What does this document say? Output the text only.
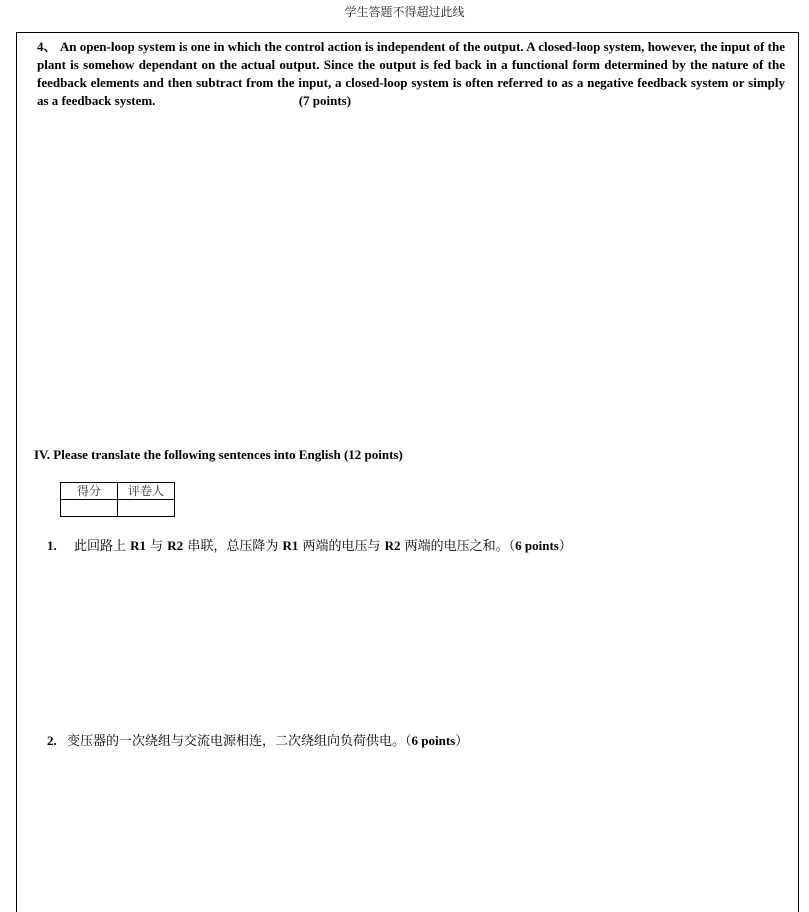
学生答题不得超过此线
4、 An open-loop system is one in which the control action is independent of the output. A closed-loop system, however, the input of the plant is somehow dependant on the actual output. Since the output is fed back in a functional form determined by the nature of the feedback elements and then subtract from the input, a closed-loop system is often referred to as a negative feedback system or simply as a feedback system.	(7 points)
IV. Please translate the following sentences into English (12 points)
得分	评卷人

1. 此回路上 R1 与 R2 串联，总压降为 R1 两端的电压与 R2 两端的电压之和。（6 points）
2. 变压器的一次绕组与交流电源相连，二次绕组向负荷供电。（6 points）
